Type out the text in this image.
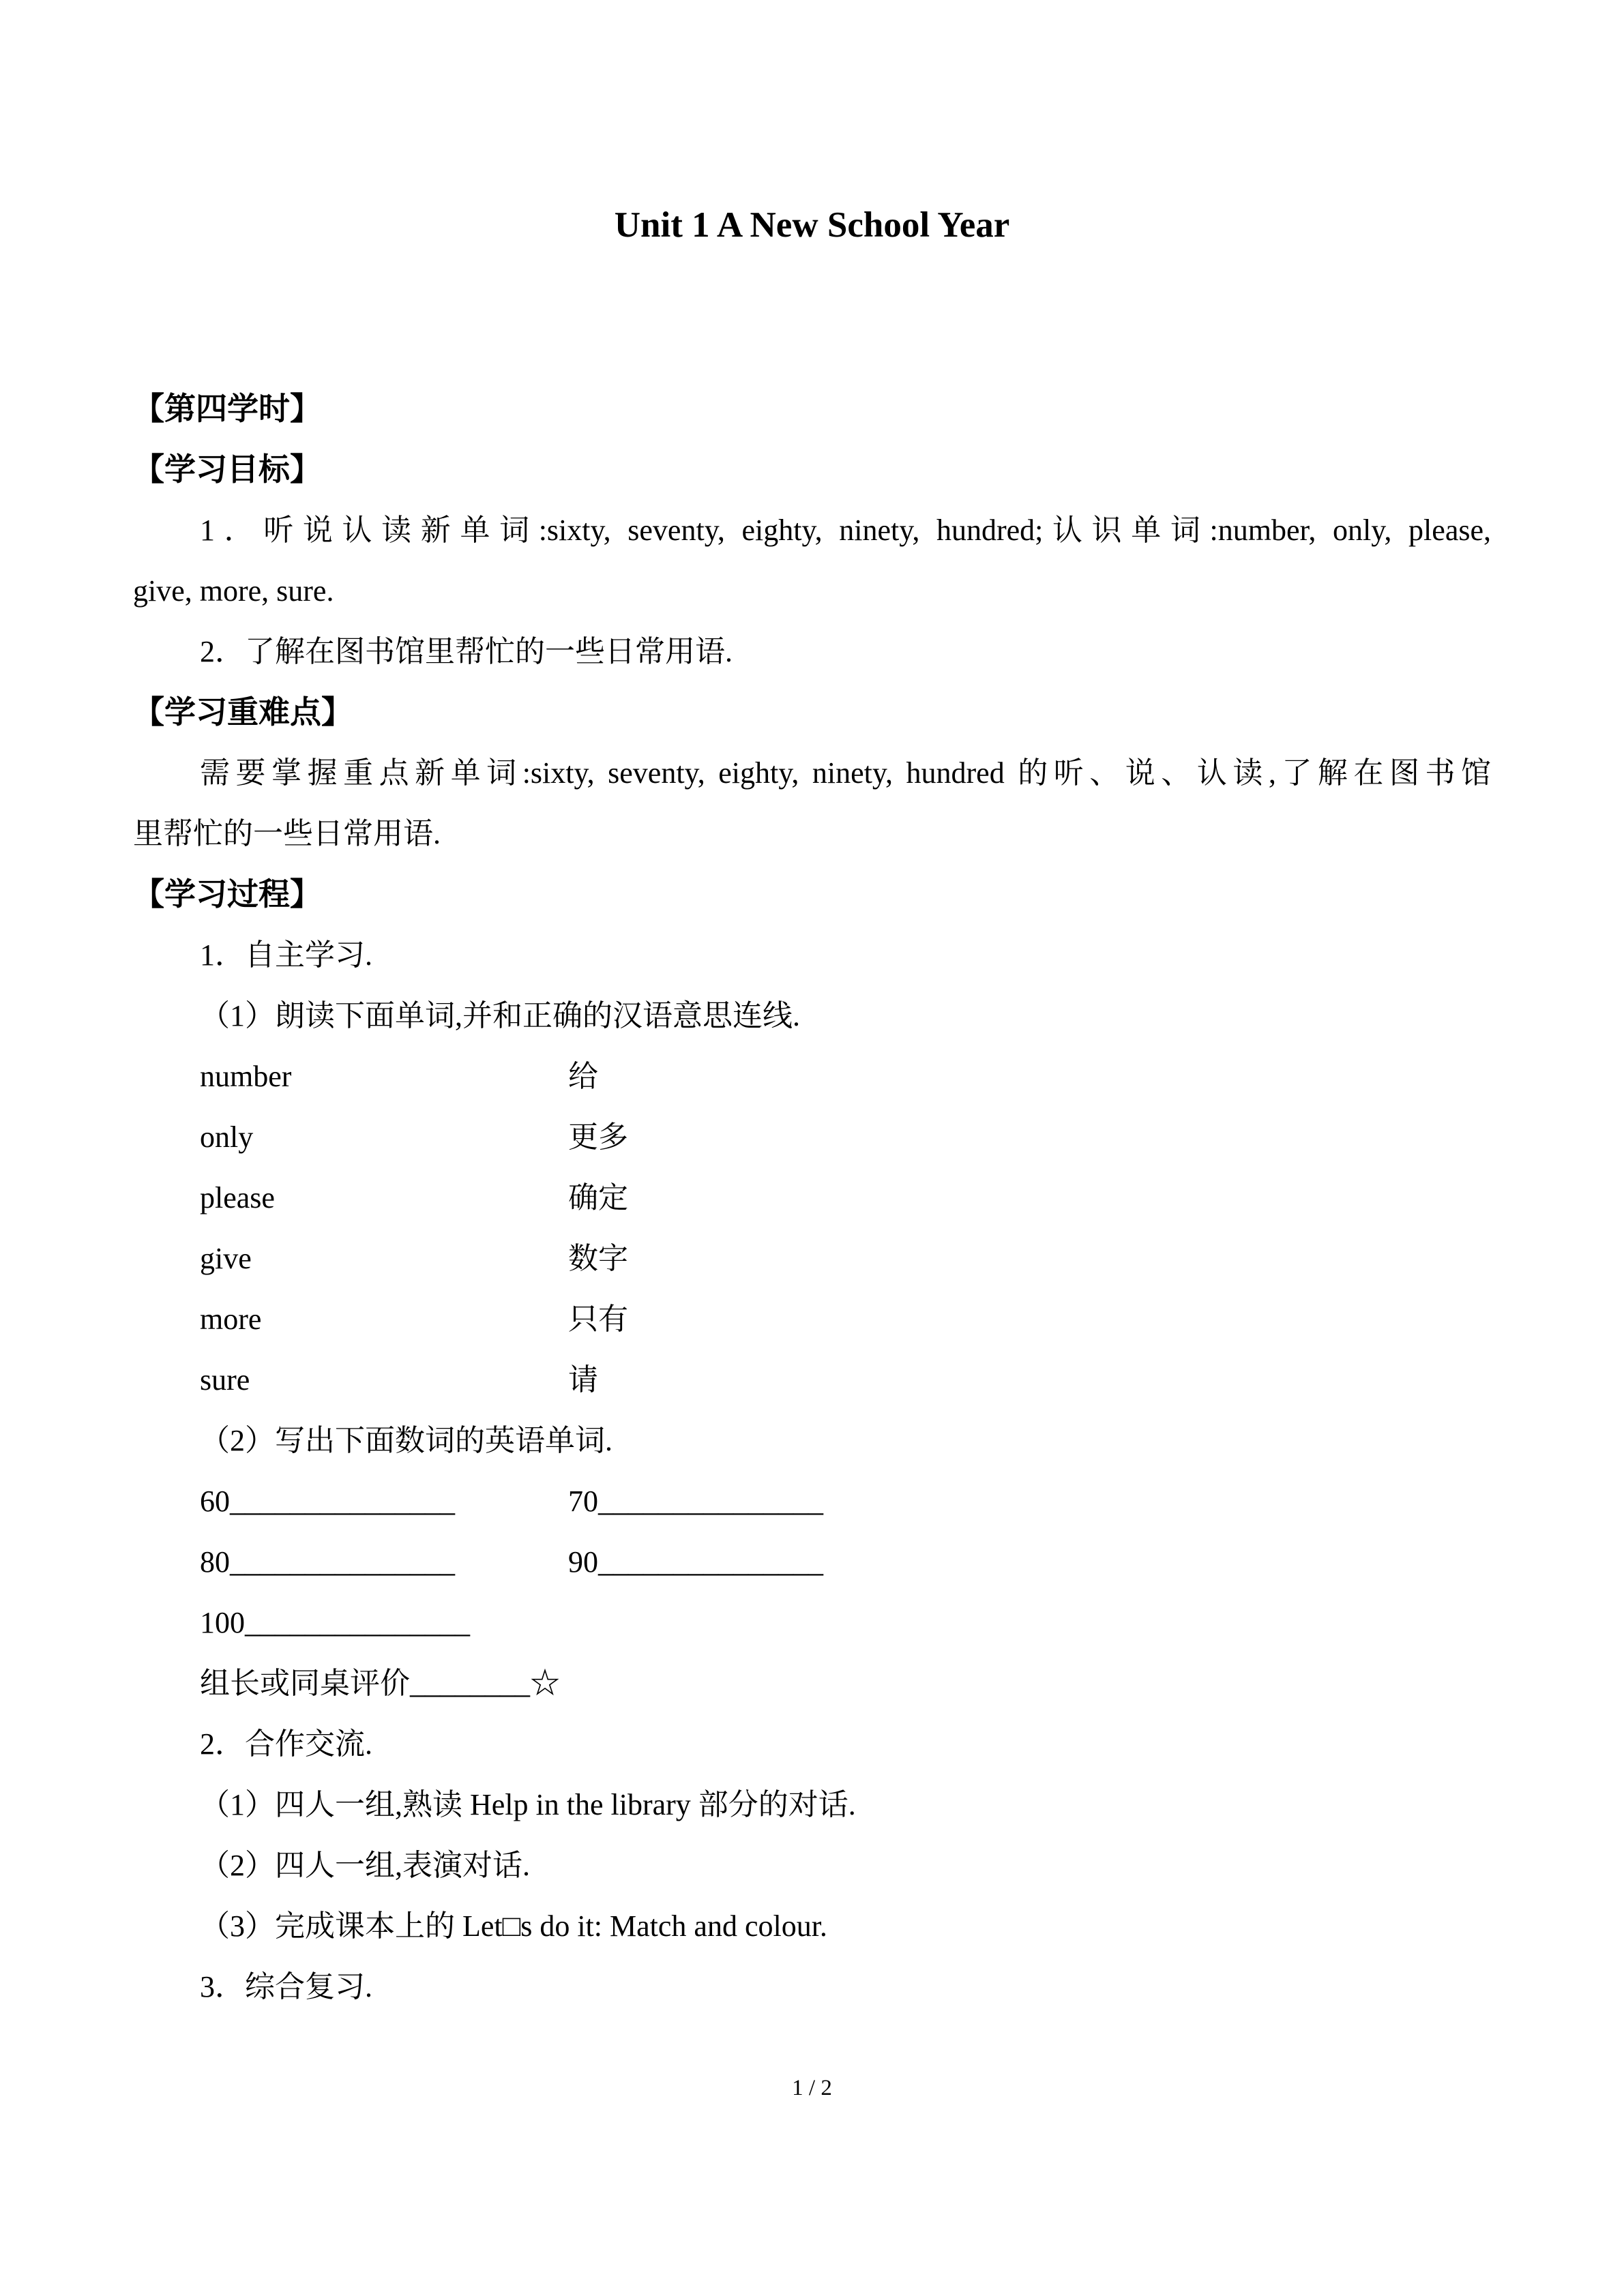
Unit 1 A New School Year
【第四学时】
【学习目标】
1．听说认读新单词:sixty, seventy, eighty, ninety, hundred;认识单词:number, only, please,
give, more, sure.
2．了解在图书馆里帮忙的一些日常用语.
【学习重难点】
需要掌握重点新单词:sixty, seventy, eighty, ninety, hundred 的听、说、认读,了解在图书馆
里帮忙的一些日常用语.
【学习过程】
1．自主学习.
（1）朗读下面单词,并和正确的汉语意思连线.
number	给
only	更多
please	确定
give	数字
more	只有
sure	请
（2）写出下面数词的英语单词.
60_______________	70_______________
80_______________	90_______________
100_______________
组长或同桌评价________☆
2．合作交流.
（1）四人一组,熟读 Help in the library 部分的对话.
（2）四人一组,表演对话.
（3）完成课本上的 Let□s do it: Match and colour.
3．综合复习.
1 / 2
